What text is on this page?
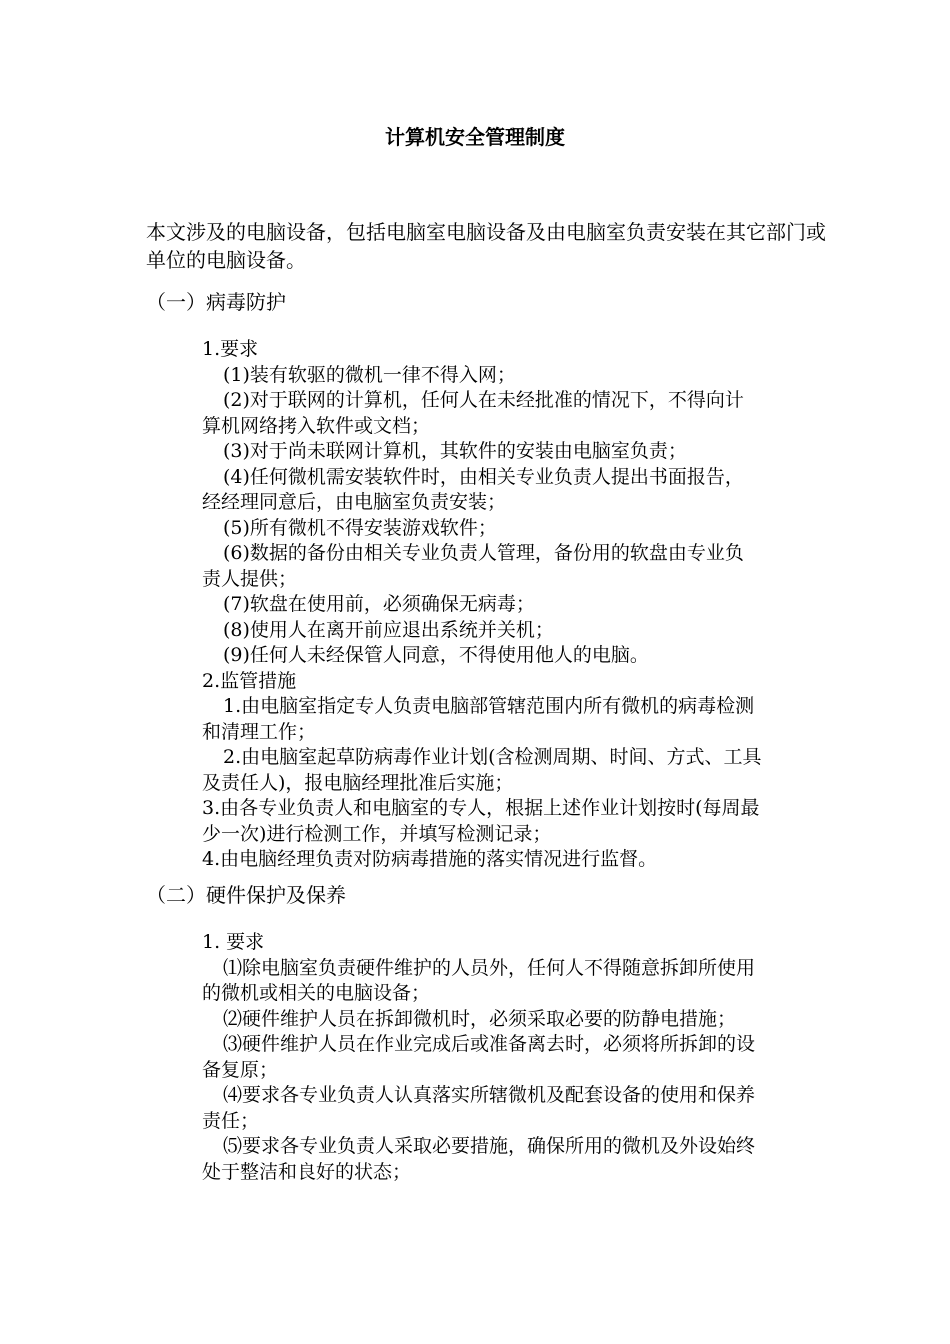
计算机安全管理制度
本文涉及的电脑设备，包括电脑室电脑设备及由电脑室负责安装在其它部门或单位的电脑设备。
（一）病毒防护

1.要求

(1)装有软驱的微机一律不得入网；

(2)对于联网的计算机，任何人在未经批准的情况下，不得向计算机网络拷入软件或文档；

(3)对于尚未联网计算机，其软件的安装由电脑室负责；

(4)任何微机需安装软件时，由相关专业负责人提出书面报告，经经理同意后，由电脑室负责安装；

(5)所有微机不得安装游戏软件；

(6)数据的备份由相关专业负责人管理，备份用的软盘由专业负责人提供；

(7)软盘在使用前，必须确保无病毒；

(8)使用人在离开前应退出系统并关机；

(9)任何人未经保管人同意，不得使用他人的电脑。

2.监管措施

1.由电脑室指定专人负责电脑部管辖范围内所有微机的病毒检测和清理工作；

2.由电脑室起草防病毒作业计划(含检测周期、时间、方式、工具及责任人)，报电脑经理批准后实施；

3.由各专业负责人和电脑室的专人，根据上述作业计划按时(每周最少一次)进行检测工作，并填写检测记录；

4.由电脑经理负责对防病毒措施的落实情况进行监督。

（二）硬件保护及保养

1. 要求

⑴除电脑室负责硬件维护的人员外，任何人不得随意拆卸所使用的微机或相关的电脑设备；

⑵硬件维护人员在拆卸微机时，必须采取必要的防静电措施；

⑶硬件维护人员在作业完成后或准备离去时，必须将所拆卸的设备复原；

⑷要求各专业负责人认真落实所辖微机及配套设备的使用和保养责任；

⑸要求各专业负责人采取必要措施，确保所用的微机及外设始终处于整洁和良好的状态；
